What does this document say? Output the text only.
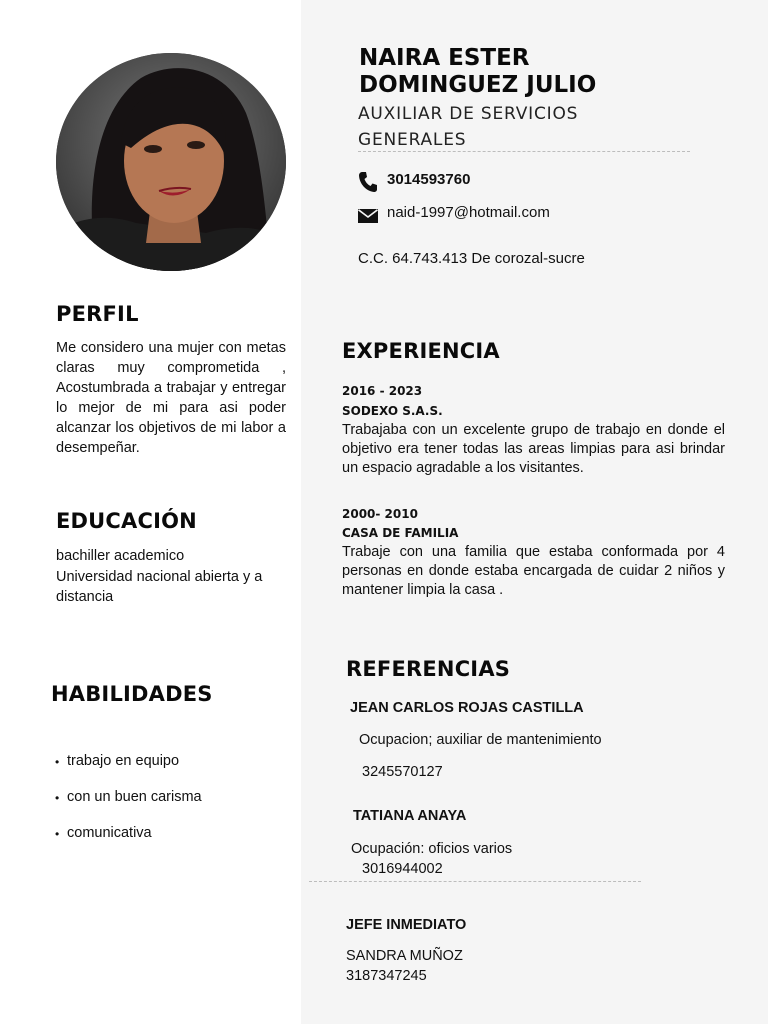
NAIRA ESTER
DOMINGUEZ JULIO
AUXILIAR DE SERVICIOS
GENERALES
3014593760
naid-1997@hotmail.com
C.C. 64.743.413 De corozal-sucre
PERFIL
Me considero una mujer con metas claras muy comprometida , Acostumbrada a trabajar y entregar lo mejor de mi para asi poder alcanzar los objetivos de mi labor a desempeñar.
EDUCACIÓN
bachiller academico
Universidad nacional abierta y a distancia
HABILIDADES
• trabajo en equipo
• con un buen carisma
• comunicativa
EXPERIENCIA
2016 - 2023
SODEXO S.A.S.
Trabajaba con un excelente grupo de trabajo en donde el objetivo era tener todas las areas limpias para asi brindar un espacio agradable a los visitantes.
2000- 2010
CASA DE FAMILIA
Trabaje con una familia que estaba conformada por 4 personas en donde estaba encargada de cuidar 2 niños y mantener limpia la casa .
REFERENCIAS
JEAN CARLOS ROJAS CASTILLA
Ocupacion; auxiliar de mantenimiento
3245570127
TATIANA ANAYA
Ocupación: oficios varios
3016944002
JEFE INMEDIATO
SANDRA MUÑOZ
3187347245
